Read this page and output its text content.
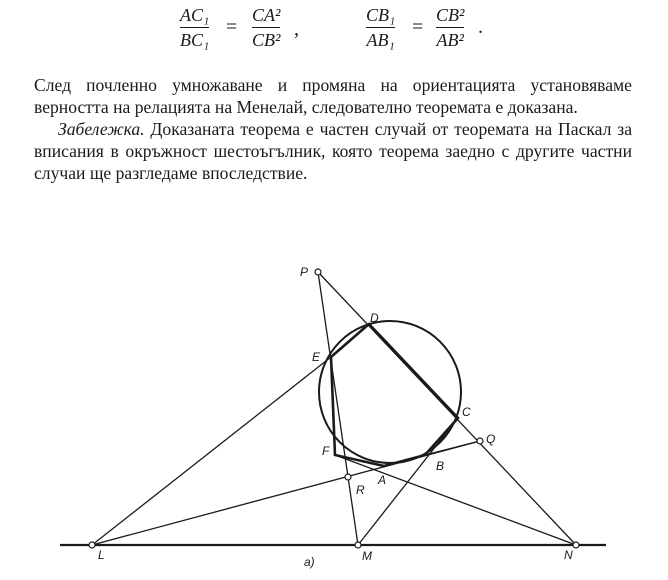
AC₁
BC₁
=
CA²
CB² ,
CB₁
AB₁
=
CB²
AB²
.

След почленно умножаване и промяна на ориентацията установяваме верността на релацията на Менелай, следователно теоремата е доказана.

Забележка. Доказаната теорема е частен случай от теоремата на Паскал за вписания в окръжност шестоъгълник, която теорема заедно с другите частни случаи ще разгледаме впоследствие.

P
D
E
C
Q
F
B
A
R
L	M	N
a)
